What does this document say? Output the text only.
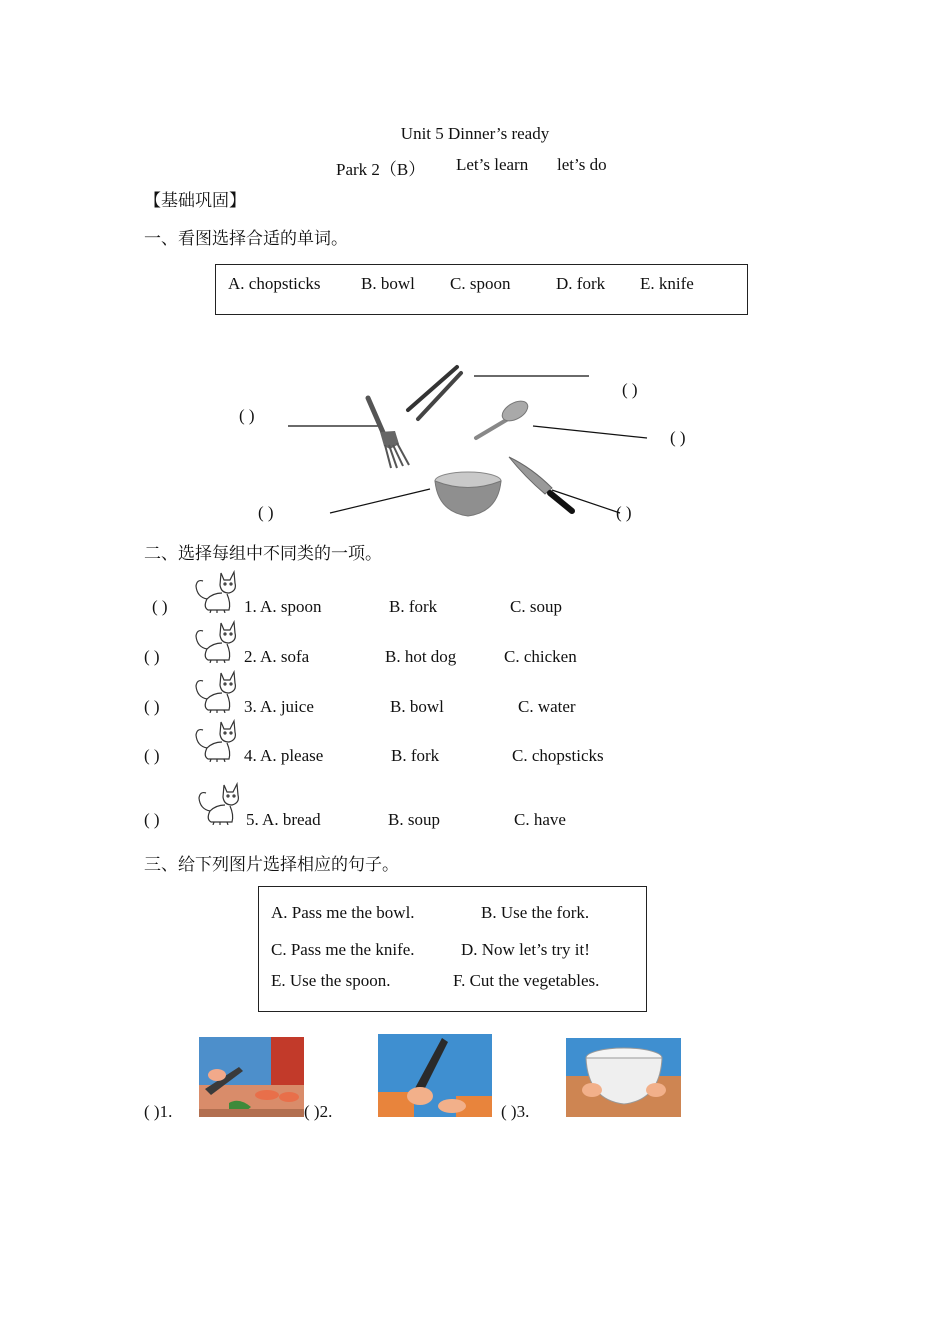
Unit 5 Dinner’s ready
Park 2（B） Let’s learn let’s do
【基础巩固】
一、看图选择合适的单词。
A. chopsticks B. bowl C. spoon	D. fork E. knife
( )
( )
( )
( )	( )
二、选择每组中不同类的一项。
( )	1. A. spoon	B. fork	C. soup
( )	2. A. sofa	B. hot dog	C. chicken
( )	3. A. juice	B. bowl	C. water
( )	4. A. please	B. fork	C. chopsticks
( )	5. A. bread	B. soup	C. have
三、给下列图片选择相应的句子。
A. Pass me the bowl.	B. Use the fork.
C. Pass me the knife.	D. Now let’s try it!
E. Use the spoon.	F. Cut the vegetables.
( )1.	( )2.	( )3.
